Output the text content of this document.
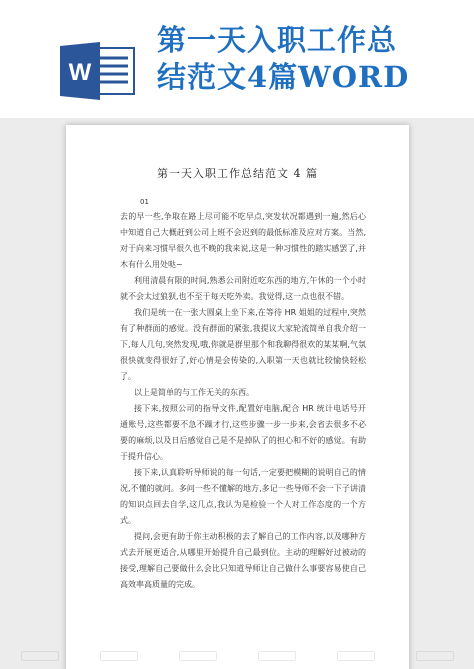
W
第一天入职工作总
结范文4篇WORD
第一天入职工作总结范文 4 篇
01

去的早一些,争取在路上尽可能不吃早点,突发状况都遇到一遍,然后心中知道自己大概赶到公司上班不会迟到的最低标准及应对方案。当然,对于向来习惯早很久也不晚的我来说,这是一种习惯性的踏实感罢了,并木有什么用处哒~

利用清晨有限的时间,熟悉公司附近吃东西的地方,午休的一个小时就不会太过狼狈,也不至于每天吃外卖。我觉得,这一点也很不错。

我们是统一在一张大圆桌上坐下来,在等待 HR 姐姐的过程中,突然有了种群面的感觉。没有群面的紧张,我提议大家轮流简单自我介绍一下,每人几句,突然发现,哦,你就是群里那个和我聊得很欢的某某啊,气氛很快就变得很好了,好心情是会传染的,入职第一天也就比较愉快轻松了。

以上是简单的与工作无关的东西。

接下来,按照公司的指导文件,配置好电脑,配合 HR 统计电话号开通账号,这些都要不急不躁才行,这些步骤一步一步来,会省去很多不必要的麻烦,以及日后感觉自己是不是掉队了的担心和不好的感觉。有助于提升信心。

接下来,认真聆听导师说的每一句话,一定要把模糊的说明自己的情况,不懂的就问。多问一些不懂解的地方,多记一些导师不会一下子讲清的知识点回去自学,这几点,我认为是检验一个人对工作态度的一个方式。

提问,会更有助于你主动积极的去了解自己的工作内容,以及哪种方式去开展更适合,从哪里开始提升自己最到位。主动的理解好过被动的接受,理解自己要做什么会比只知道导师让自己做什么事要容易使自己高效率高质量的完成。
